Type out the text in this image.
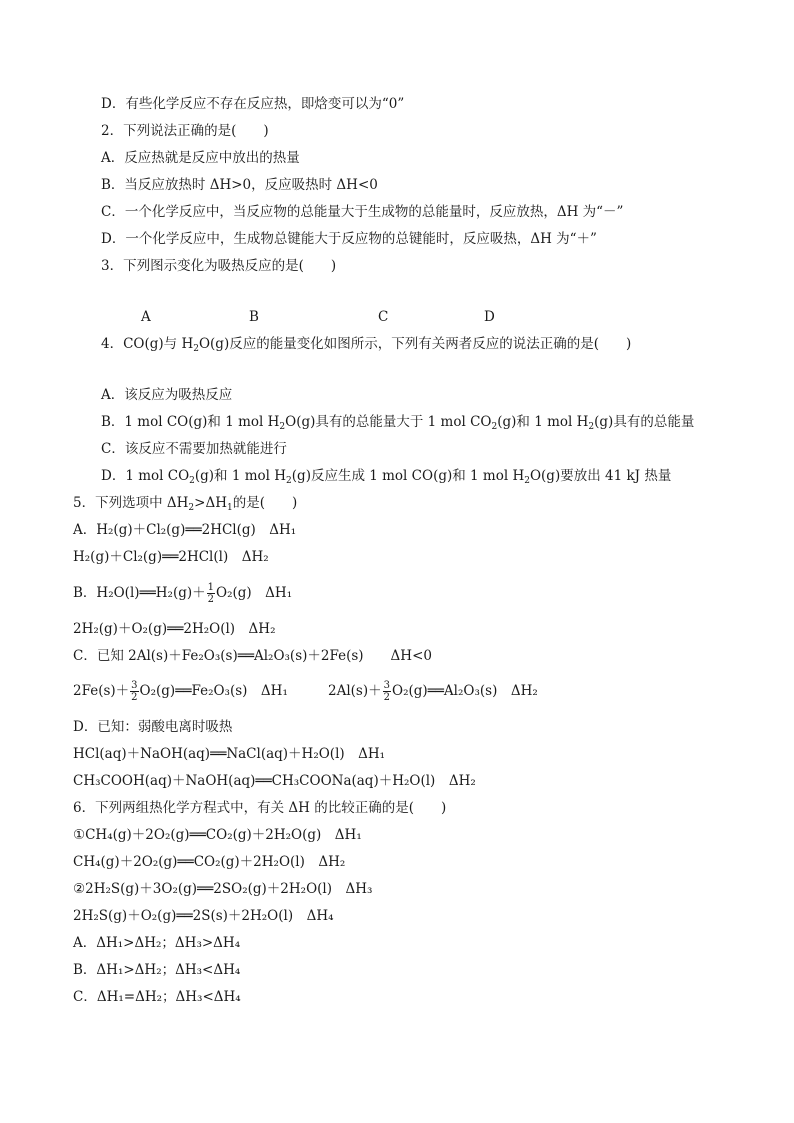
D．有些化学反应不存在反应热，即焓变可以为“0”
2．下列说法正确的是(　　)
A．反应热就是反应中放出的热量
B．当反应放热时 ΔH>0，反应吸热时 ΔH<0
C．一个化学反应中，当反应物的总能量大于生成物的总能量时，反应放热，ΔH 为“－”
D．一个化学反应中，生成物总键能大于反应物的总键能时，反应吸热，ΔH 为“＋”
3．下列图示变化为吸热反应的是(　　)
A	B	C	D
4．CO(g)与 $H_2O(g)$反应的能量变化如图所示，下列有关两者反应的说法正确的是(　　)
A．该反应为吸热反应
B．1 mol CO(g)和 1 mol $H_2O(g)$具有的总能量大于 1 mol $CO_2(g)$和 1 mol $H_2(g)$具有的总能量
C．该反应不需要加热就能进行
D．1 mol $CO_2(g)$和 1 mol $H_2(g)$反应生成 1 mol CO(g)和 1 mol $H_2O(g)$要放出 41 kJ 热量
5．下列选项中 $\Delta H_2>\Delta H_1$的是(　　)
A．H₂(g)＋Cl₂(g)══2HCl(g)　ΔH₁
H₂(g)＋Cl₂(g)══2HCl(l)　ΔH₂
B．H₂O(l)══H₂(g)＋ $\frac{1}{2} O_2(g)$　ΔH₁
2H₂(g)＋O₂(g)══2H₂O(l)　ΔH₂
C．已知 2Al(s)＋Fe₂O₃(s)══Al₂O₃(s)＋2Fe(s)　　ΔH<0
$2Fe(s)+ \frac{3}{2}$ O₂(g)══Fe₂O₃(s)　ΔH₁	$2Al(s)+ \frac{3}{2}$ O₂(g)══Al₂O₃(s)　ΔH₂
D．已知：弱酸电离时吸热
HCl(aq)＋NaOH(aq)══NaCl(aq)＋H₂O(l)　ΔH₁
CH₃COOH(aq)＋NaOH(aq)══CH₃COONa(aq)＋H₂O(l)　ΔH₂
6．下列两组热化学方程式中，有关 ΔH 的比较正确的是(　　)
①CH₄(g)＋2O₂(g)══CO₂(g)＋2H₂O(g)　ΔH₁
CH₄(g)＋2O₂(g)══CO₂(g)＋2H₂O(l)　ΔH₂
②2H₂S(g)＋3O₂(g)══2SO₂(g)＋2H₂O(l)　ΔH₃
2H₂S(g)＋O₂(g)══2S(s)＋2H₂O(l)　ΔH₄
A．ΔH₁>ΔH₂；ΔH₃>ΔH₄
B．ΔH₁>ΔH₂；ΔH₃<ΔH₄
C．ΔH₁=ΔH₂；ΔH₃<ΔH₄
